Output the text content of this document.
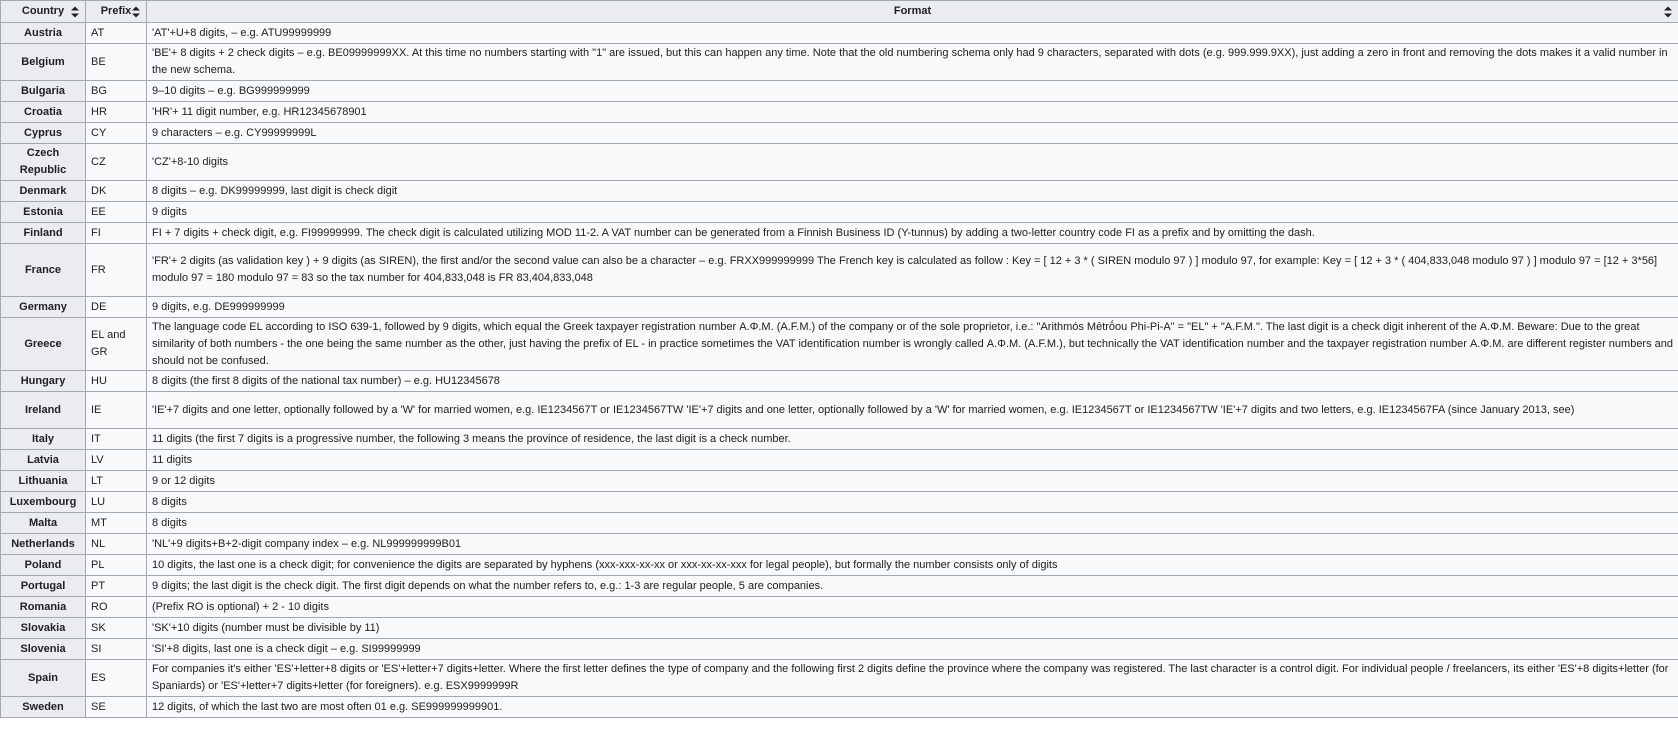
Country	Prefix	Format

Austria	AT	'AT'+U+8 digits, – e.g. ATU99999999
Belgium	BE	'BE'+ 8 digits + 2 check digits – e.g. BE09999999XX. At this time no numbers starting with "1" are issued, but this can happen any time. Note that the old numbering schema only had 9 characters, separated with dots (e.g. 999.999.9XX), just adding a zero in front and removing the dots makes it a valid number in the new schema.
Bulgaria	BG	9–10 digits – e.g. BG999999999
Croatia	HR	'HR'+ 11 digit number, e.g. HR12345678901
Cyprus	CY	9 characters – e.g. CY99999999L
Czech Republic	CZ	'CZ'+8-10 digits
Denmark	DK	8 digits – e.g. DK99999999, last digit is check digit
Estonia	EE	9 digits
Finland	FI	FI + 7 digits + check digit, e.g. FI99999999. The check digit is calculated utilizing MOD 11-2. A VAT number can be generated from a Finnish Business ID (Y-tunnus) by adding a two-letter country code FI as a prefix and by omitting the dash.
France	FR	'FR'+ 2 digits (as validation key ) + 9 digits (as SIREN), the first and/or the second value can also be a character – e.g. FRXX999999999 The French key is calculated as follow : Key = [ 12 + 3 * ( SIREN modulo 97 ) ] modulo 97, for example: Key = [ 12 + 3 * ( 404,833,048 modulo 97 ) ] modulo 97 = [12 + 3*56] modulo 97 = 180 modulo 97 = 83 so the tax number for 404,833,048 is FR 83,404,833,048
Germany	DE	9 digits, e.g. DE999999999
Greece	EL and GR	The language code EL according to ISO 639-1, followed by 9 digits, which equal the Greek taxpayer registration number Α.Φ.Μ. (A.F.M.) of the company or of the sole proprietor, i.e.: "Arithmós Mētrṓou Phi-Pi-A" = "EL" + "A.F.M.". The last digit is a check digit inherent of the Α.Φ.Μ. Beware: Due to the great similarity of both numbers - the one being the same number as the other, just having the prefix of EL - in practice sometimes the VAT identification number is wrongly called Α.Φ.Μ. (A.F.M.), but technically the VAT identification number and the taxpayer registration number Α.Φ.Μ. are different register numbers and should not be confused.
Hungary	HU	8 digits (the first 8 digits of the national tax number) – e.g. HU12345678
Ireland	IE	'IE'+7 digits and one letter, optionally followed by a 'W' for married women, e.g. IE1234567T or IE1234567TW 'IE'+7 digits and one letter, optionally followed by a 'W' for married women, e.g. IE1234567T or IE1234567TW 'IE'+7 digits and two letters, e.g. IE1234567FA (since January 2013, see)
Italy	IT	11 digits (the first 7 digits is a progressive number, the following 3 means the province of residence, the last digit is a check number.
Latvia	LV	11 digits
Lithuania	LT	9 or 12 digits
Luxembourg	LU	8 digits
Malta	MT	8 digits
Netherlands	NL	'NL'+9 digits+B+2-digit company index – e.g. NL999999999B01
Poland	PL	10 digits, the last one is a check digit; for convenience the digits are separated by hyphens (xxx-xxx-xx-xx or xxx-xx-xx-xxx for legal people), but formally the number consists only of digits
Portugal	PT	9 digits; the last digit is the check digit. The first digit depends on what the number refers to, e.g.: 1-3 are regular people, 5 are companies.
Romania	RO	(Prefix RO is optional) + 2 - 10 digits
Slovakia	SK	'SK'+10 digits (number must be divisible by 11)
Slovenia	SI	'SI'+8 digits, last one is a check digit – e.g. SI99999999
Spain	ES	For companies it's either 'ES'+letter+8 digits or 'ES'+letter+7 digits+letter. Where the first letter defines the type of company and the following first 2 digits define the province where the company was registered. The last character is a control digit. For individual people / freelancers, its either 'ES'+8 digits+letter (for Spaniards) or 'ES'+letter+7 digits+letter (for foreigners). e.g. ESX9999999R
Sweden	SE	12 digits, of which the last two are most often 01 e.g. SE999999999901.
